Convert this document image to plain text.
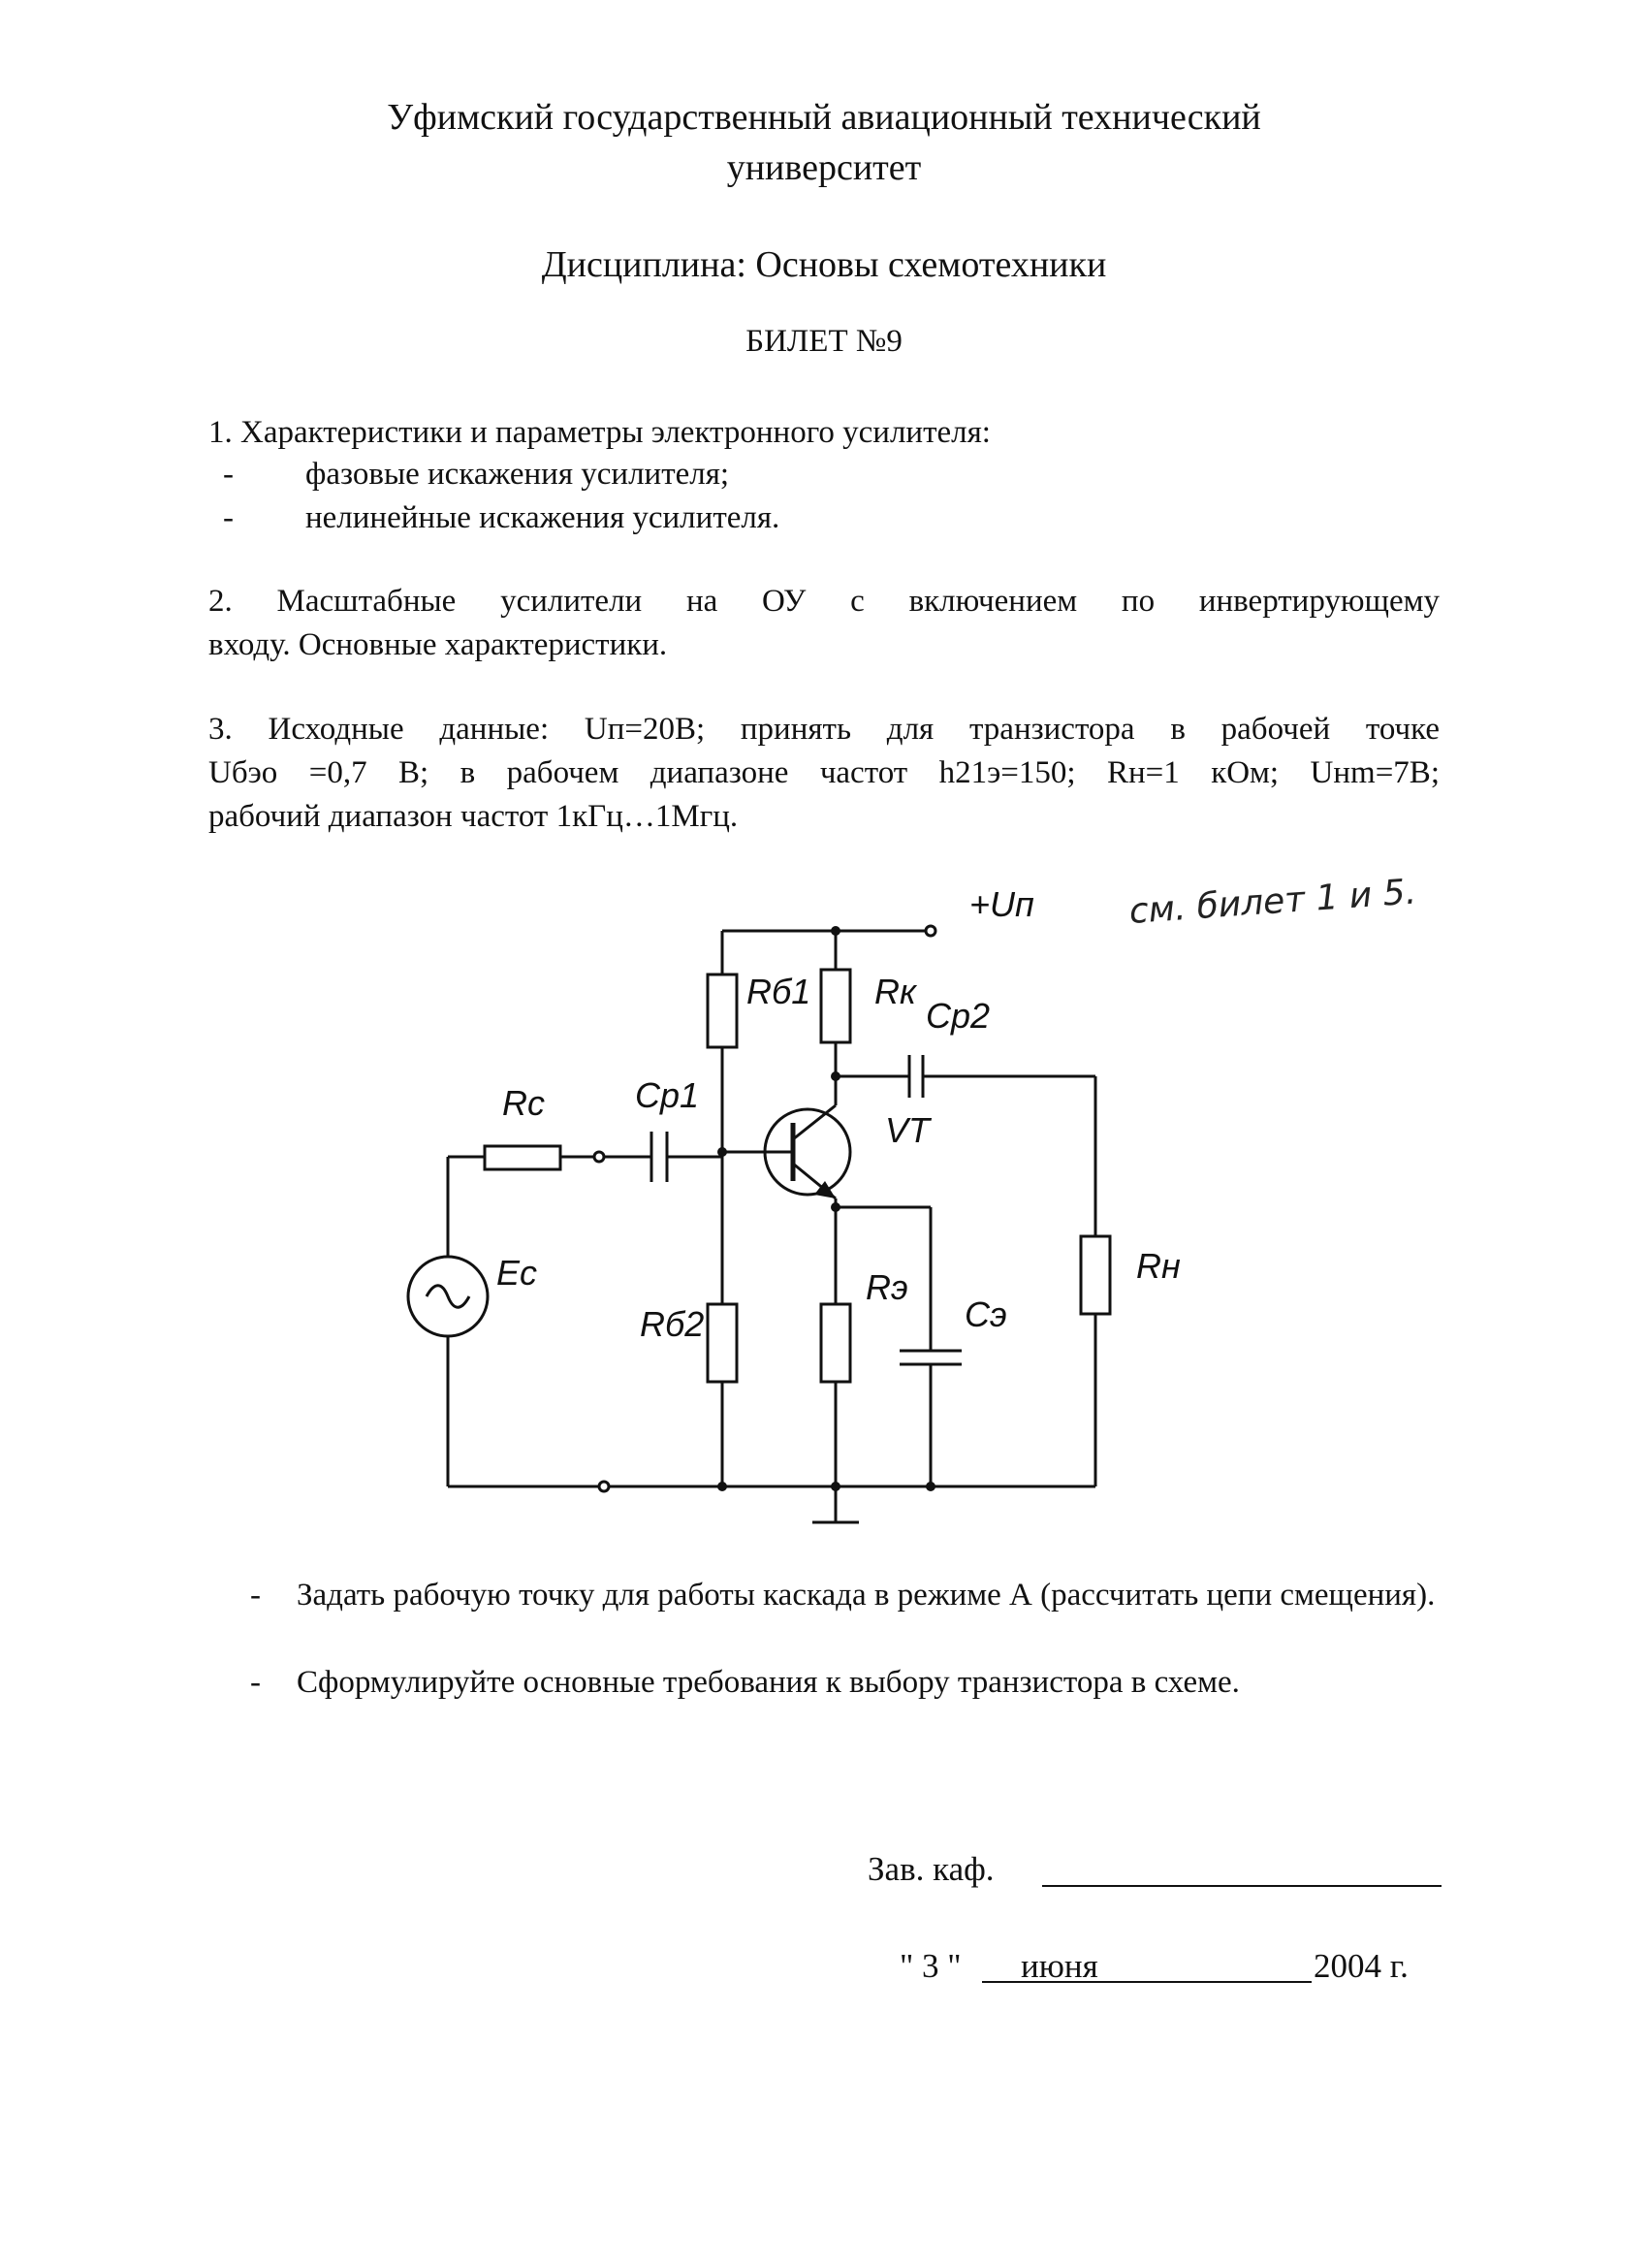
Уфимский государственный авиационный технический
университет
Дисциплина: Основы схемотехники
БИЛЕТ №9
1. Характеристики и параметры электронного усилителя:
- фазовые искажения усилителя;
- нелинейные искажения усилителя.
2. Масштабные усилители на ОУ с включением по инвертирующему
входу. Основные характеристики.
3. Исходные данные: Uп=20В; принять для транзистора в рабочей точке
Uбэо =0,7 В; в рабочем диапазоне частот h21э=150; Rн=1 кОм; Uнm=7В;
рабочий диапазон частот 1кГц…1Мгц.
см. билет 1 и 5.
+Uп
Rб1 Rк
Cр2
VT
Rс	Cр1
Eс
Rб2
Rэ
Cэ
Rн
- Задать рабочую точку для работы каскада в режиме А (рассчитать цепи смещения).
- Сформулируйте основные требования к выбору транзистора в схеме.
Зав. каф.
" 3 " июня	2004 г.
